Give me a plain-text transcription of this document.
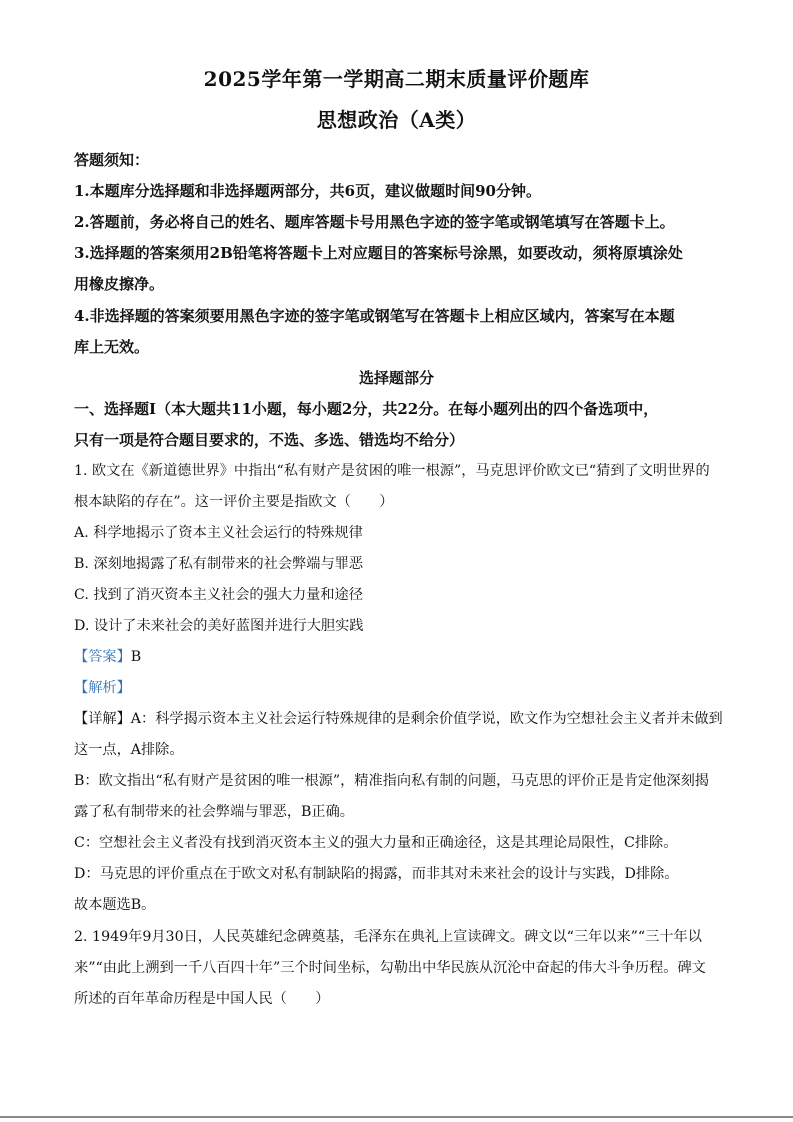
2025学年第一学期高二期末质量评价题库
思想政治（A类）
答题须知：
1.本题库分选择题和非选择题两部分，共6页，建议做题时间90分钟。
2.答题前，务必将自己的姓名、题库答题卡号用黑色字迹的签字笔或钢笔填写在答题卡上。
3.选择题的答案须用2B铅笔将答题卡上对应题目的答案标号涂黑，如要改动，须将原填涂处
用橡皮擦净。
4.非选择题的答案须要用黑色字迹的签字笔或钢笔写在答题卡上相应区域内，答案写在本题
库上无效。
选择题部分
一、选择题Ⅰ（本大题共11小题，每小题2分，共22分。在每小题列出的四个备选项中，
只有一项是符合题目要求的，不选、多选、错选均不给分）
1. 欧文在《新道德世界》中指出“私有财产是贫困的唯一根源”，马克思评价欧文已“猜到了文明世界的
根本缺陷的存在”。这一评价主要是指欧文（　　）
A. 科学地揭示了资本主义社会运行的特殊规律
B. 深刻地揭露了私有制带来的社会弊端与罪恶
C. 找到了消灭资本主义社会的强大力量和途径
D. 设计了未来社会的美好蓝图并进行大胆实践
【答案】B
【解析】
【详解】A：科学揭示资本主义社会运行特殊规律的是剩余价值学说，欧文作为空想社会主义者并未做到
这一点，A排除。
B：欧文指出“私有财产是贫困的唯一根源”，精准指向私有制的问题，马克思的评价正是肯定他深刻揭
露了私有制带来的社会弊端与罪恶，B正确。
C：空想社会主义者没有找到消灭资本主义的强大力量和正确途径，这是其理论局限性，C排除。
D：马克思的评价重点在于欧文对私有制缺陷的揭露，而非其对未来社会的设计与实践，D排除。
故本题选B。
2. 1949年9月30日，人民英雄纪念碑奠基，毛泽东在典礼上宣读碑文。碑文以“三年以来”“三十年以
来”“由此上溯到一千八百四十年”三个时间坐标，勾勒出中华民族从沉沦中奋起的伟大斗争历程。碑文
所述的百年革命历程是中国人民（　　）
